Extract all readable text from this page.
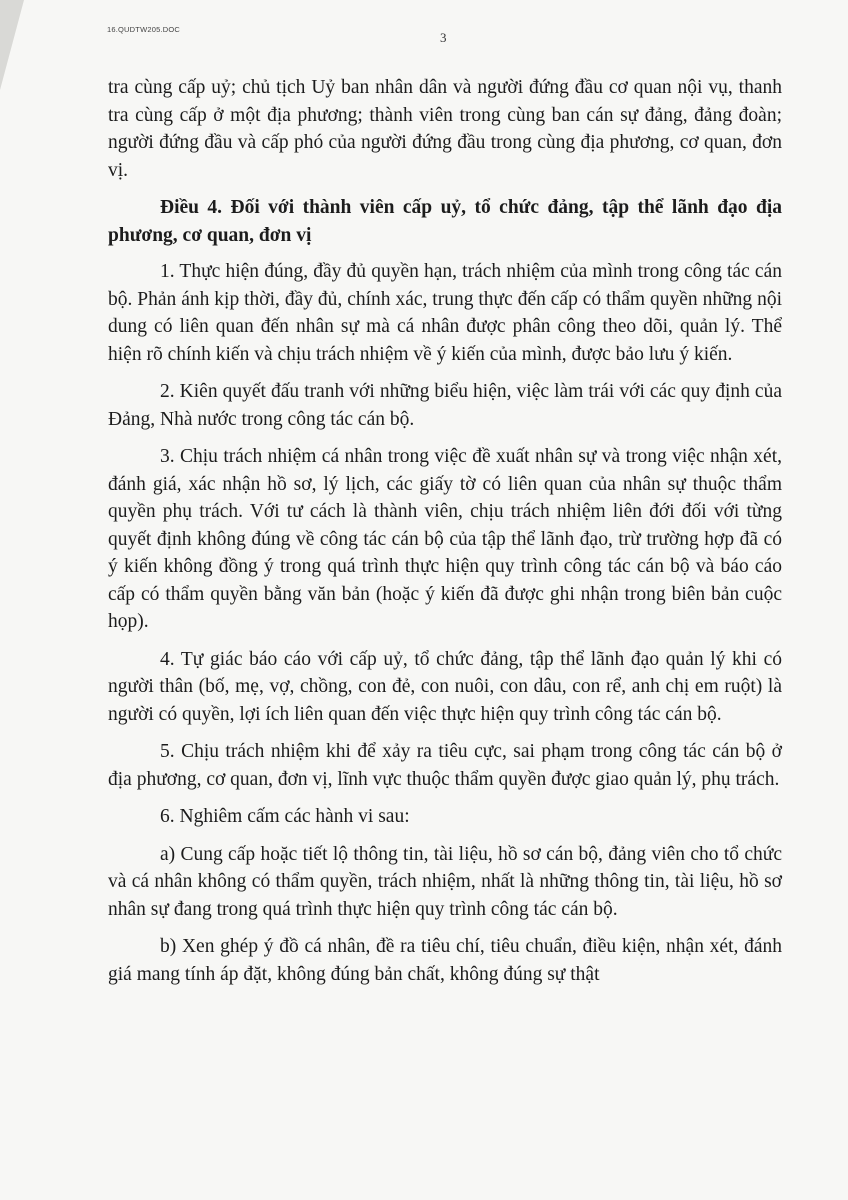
16.QUDTW205.DOC
3

tra cùng cấp uỷ; chủ tịch Uỷ ban nhân dân và người đứng đầu cơ quan nội vụ, thanh tra cùng cấp ở một địa phương; thành viên trong cùng ban cán sự đảng, đảng đoàn; người đứng đầu và cấp phó của người đứng đầu trong cùng địa phương, cơ quan, đơn vị.

Điều 4. Đối với thành viên cấp uỷ, tổ chức đảng, tập thể lãnh đạo địa phương, cơ quan, đơn vị

1. Thực hiện đúng, đầy đủ quyền hạn, trách nhiệm của mình trong công tác cán bộ. Phản ánh kịp thời, đầy đủ, chính xác, trung thực đến cấp có thẩm quyền những nội dung có liên quan đến nhân sự mà cá nhân được phân công theo dõi, quản lý. Thể hiện rõ chính kiến và chịu trách nhiệm về ý kiến của mình, được bảo lưu ý kiến.

2. Kiên quyết đấu tranh với những biểu hiện, việc làm trái với các quy định của Đảng, Nhà nước trong công tác cán bộ.

3. Chịu trách nhiệm cá nhân trong việc đề xuất nhân sự và trong việc nhận xét, đánh giá, xác nhận hồ sơ, lý lịch, các giấy tờ có liên quan của nhân sự thuộc thẩm quyền phụ trách. Với tư cách là thành viên, chịu trách nhiệm liên đới đối với từng quyết định không đúng về công tác cán bộ của tập thể lãnh đạo, trừ trường hợp đã có ý kiến không đồng ý trong quá trình thực hiện quy trình công tác cán bộ và báo cáo cấp có thẩm quyền bằng văn bản (hoặc ý kiến đã được ghi nhận trong biên bản cuộc họp).

4. Tự giác báo cáo với cấp uỷ, tổ chức đảng, tập thể lãnh đạo quản lý khi có người thân (bố, mẹ, vợ, chồng, con đẻ, con nuôi, con dâu, con rể, anh chị em ruột) là người có quyền, lợi ích liên quan đến việc thực hiện quy trình công tác cán bộ.

5. Chịu trách nhiệm khi để xảy ra tiêu cực, sai phạm trong công tác cán bộ ở địa phương, cơ quan, đơn vị, lĩnh vực thuộc thẩm quyền được giao quản lý, phụ trách.

6. Nghiêm cấm các hành vi sau:

a) Cung cấp hoặc tiết lộ thông tin, tài liệu, hồ sơ cán bộ, đảng viên cho tổ chức và cá nhân không có thẩm quyền, trách nhiệm, nhất là những thông tin, tài liệu, hồ sơ nhân sự đang trong quá trình thực hiện quy trình công tác cán bộ.

b) Xen ghép ý đồ cá nhân, đề ra tiêu chí, tiêu chuẩn, điều kiện, nhận xét, đánh giá mang tính áp đặt, không đúng bản chất, không đúng sự thật
